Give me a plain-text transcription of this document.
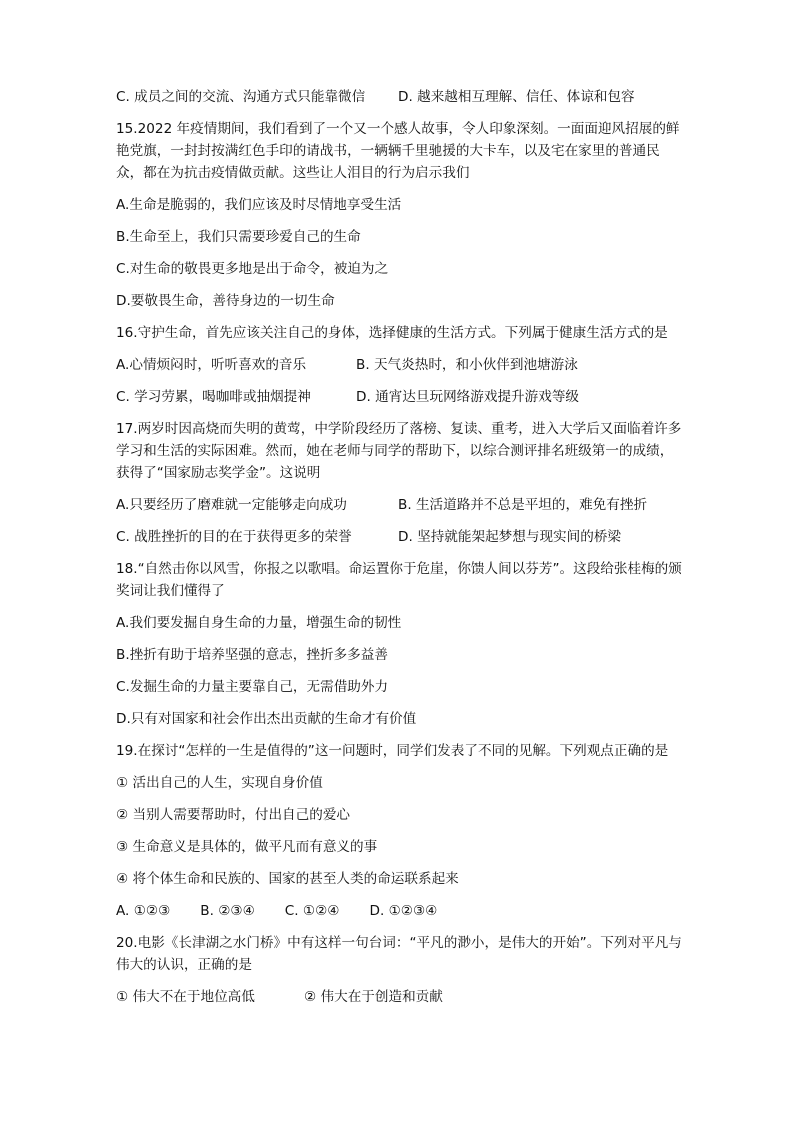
C. 成员之间的交流、沟通方式只能靠微信	D. 越来越相互理解、信任、体谅和包容
15.2022 年疫情期间，我们看到了一个又一个感人故事，令人印象深刻。一面面迎风招展的鲜艳党旗，一封封按满红色手印的请战书，一辆辆千里驰援的大卡车，以及宅在家里的普通民众，都在为抗击疫情做贡献。这些让人泪目的行为启示我们
A.生命是脆弱的，我们应该及时尽情地享受生活
B.生命至上，我们只需要珍爱自己的生命
C.对生命的敬畏更多地是出于命令，被迫为之
D.要敬畏生命，善待身边的一切生命
16.守护生命，首先应该关注自己的身体，选择健康的生活方式。下列属于健康生活方式的是
A.心情烦闷时，听听喜欢的音乐	B. 天气炎热时，和小伙伴到池塘游泳
C. 学习劳累，喝咖啡或抽烟提神	D. 通宵达旦玩网络游戏提升游戏等级
17.两岁时因高烧而失明的黄莺，中学阶段经历了落榜、复读、重考，进入大学后又面临着许多 学习和生活的实际困难。然而，她在老师与同学的帮助下，以综合测评排名班级第一的成绩，获得了“国家励志奖学金”。这说明
A.只要经历了磨难就一定能够走向成功	B. 生活道路并不总是平坦的，难免有挫折
C. 战胜挫折的目的在于获得更多的荣誉	D. 坚持就能架起梦想与现实间的桥梁
18.“自然击你以风雪，你报之以歌唱。命运置你于危崖，你馈人间以芬芳”。这段给张桂梅的颁奖词让我们懂得了
A.我们要发掘自身生命的力量，增强生命的韧性
B.挫折有助于培养坚强的意志，挫折多多益善
C.发掘生命的力量主要靠自己，无需借助外力
D.只有对国家和社会作出杰出贡献的生命才有价值
19.在探讨“怎样的一生是值得的”这一问题时，同学们发表了不同的见解。下列观点正确的是
① 活出自己的人生，实现自身价值
② 当别人需要帮助时，付出自己的爱心
③ 生命意义是具体的，做平凡而有意义的事
④ 将个体生命和民族的、国家的甚至人类的命运联系起来
A. ①②③ B. ②③④ C. ①②④ D. ①②③④
20.电影《长津湖之水门桥》中有这样一句台词：“平凡的渺小，是伟大的开始”。下列对平凡与伟大的认识，正确的是
① 伟大不在于地位高低	② 伟大在于创造和贡献
